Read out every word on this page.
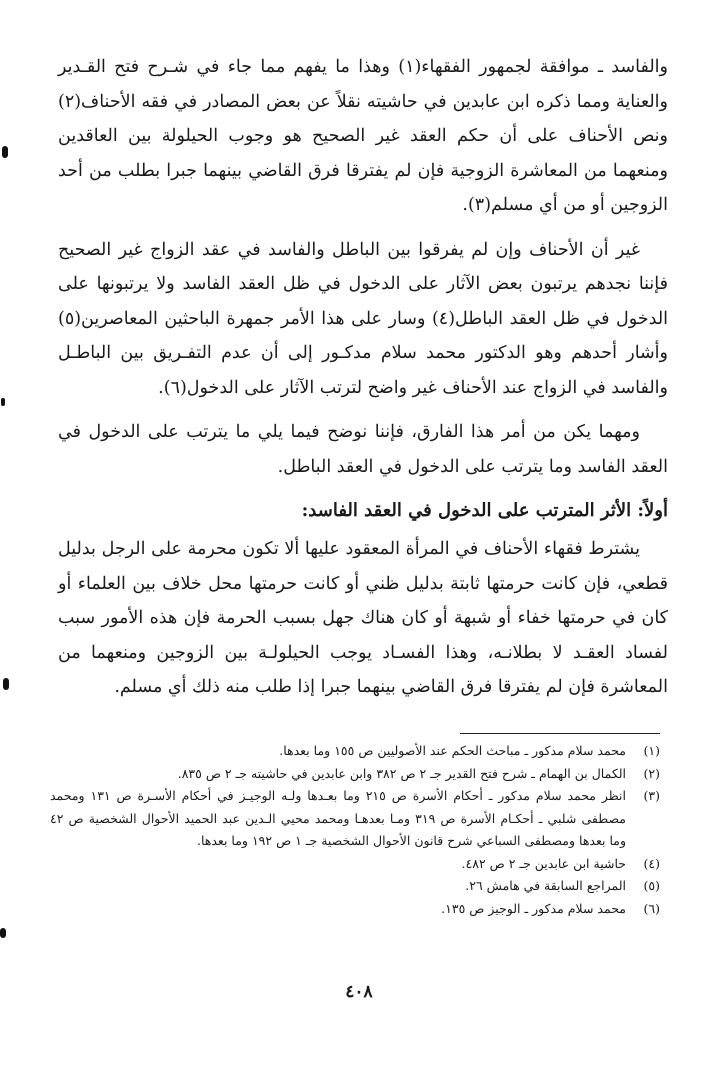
والفاسد ـ موافقة لجمهور الفقهاء(١) وهذا ما يفهم مما جاء في شـرح فتح القـدير والعناية ومما ذكره ابن عابدين في حاشيته نقلاً عن بعض المصادر في فقه الأحناف(٢) ونص الأحناف على أن حكم العقد غير الصحيح هو وجوب الحيلولة بين العاقدين ومنعهما من المعاشرة الزوجية فإن لم يفترقا فرق القاضي بينهما جبرا بطلب من أحد الزوجين أو من أي مسلم(٣).

غير أن الأحناف وإن لم يفرقوا بين الباطل والفاسد في عقد الزواج غير الصحيح فإننا نجدهم يرتبون بعض الآثار على الدخول في ظل العقد الفاسد ولا يرتبونها على الدخول في ظل العقد الباطل(٤) وسار على هذا الأمر جمهرة الباحثين المعاصرين(٥) وأشار أحدهم وهو الدكتور محمد سلام مدكـور إلى أن عدم التفـريق بين الباطـل والفاسد في الزواج عند الأحناف غير واضح لترتب الآثار على الدخول(٦).

ومهما يكن من أمر هذا الفارق، فإننا نوضح فيما يلي ما يترتب على الدخول في العقد الفاسد وما يترتب على الدخول في العقد الباطل.

أولاً: الأثر المترتب على الدخول في العقد الفاسد:

يشترط فقهاء الأحناف في المرأة المعقود عليها ألا تكون محرمة على الرجل بدليل قطعي، فإن كانت حرمتها ثابتة بدليل ظني أو كانت حرمتها محل خلاف بين العلماء أو كان في حرمتها خفاء أو شبهة أو كان هناك جهل بسبب الحرمة فإن هذه الأمور سبب لفساد العقـد لا بطلانـه، وهذا الفسـاد يوجب الحيلولـة بين الزوجين ومنعهما من المعاشرة فإن لم يفترقا فرق القاضي بينهما جبرا إذا طلب منه ذلك أي مسلم.

(١)
محمد سلام مدكور ـ مباحث الحكم عند الأصوليين ص ١٥٥ وما بعدها.
(٢)
الكمال بن الهمام ـ شرح فتح القدير جـ ٢ ص ٣٨٢ وابن عابدين في حاشيته جـ ٢ ص ٨٣٥.
(٣)
انظر محمد سلام مدكور ـ أحكام الأسرة ص ٢١٥ وما بعـدها ولـه الوجيـز في أحكام الأسـرة ص ١٣١ ومحمد مصطفى شلبي ـ أحكـام الأسرة ص ٣١٩ ومـا بعدهـا ومحمد محيي الـدين عبد الحميد الأحوال الشخصية ص ٤٢ وما بعدها ومصطفى السباعي شرح قانون الأحوال الشخصية جـ ١ ص ١٩٢ وما بعدها.
(٤)
حاشية ابن عابدين جـ ٢ ص ٤٨٢.
(٥)
المراجع السابقة في هامش ٢٦.
(٦)
محمد سلام مدكور ـ الوجيز ص ١٣٥.
٤٠٨
